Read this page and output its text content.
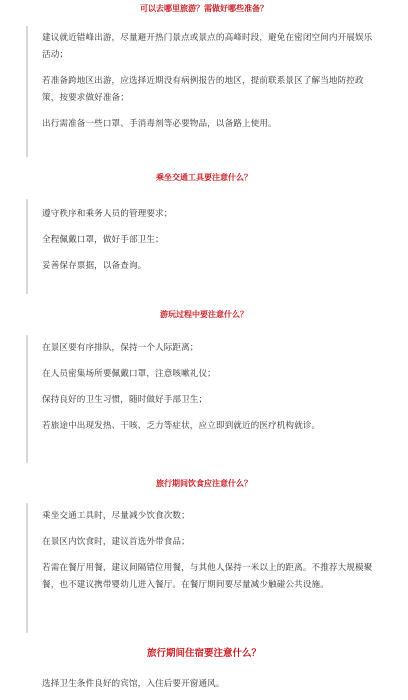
可以去哪里旅游？需做好哪些准备？

建议就近错峰出游，尽量避开热门景点或景点的高峰时段，避免在密闭空间内开展娱乐活动；

若准备跨地区出游，应选择近期没有病例报告的地区，提前联系景区了解当地防控政策，按要求做好准备；

出行需准备一些口罩、手消毒剂等必要物品，以备路上使用。

乘坐交通工具要注意什么？

遵守秩序和乘务人员的管理要求；

全程佩戴口罩，做好手部卫生；

妥善保存票据，以备查询。

游玩过程中要注意什么？

在景区要有序排队，保持一个人际距离；

在人员密集场所要佩戴口罩，注意咳嗽礼仪；

保持良好的卫生习惯，随时做好手部卫生；

若旅途中出现发热、干咳、乏力等症状，应立即到就近的医疗机构就诊。

旅行期间饮食应注意什么？

乘坐交通工具时，尽量减少饮食次数；

在景区内饮食时，建议首选外带食品；

若需在餐厅用餐，建议间隔错位用餐，与其他人保持一米以上的距离。不推荐大规模聚餐，也不建议携带婴幼儿进入餐厅。在餐厅期间要尽量减少触碰公共设施。

旅行期间住宿要注意什么？

选择卫生条件良好的宾馆，入住后要开窗通风。
